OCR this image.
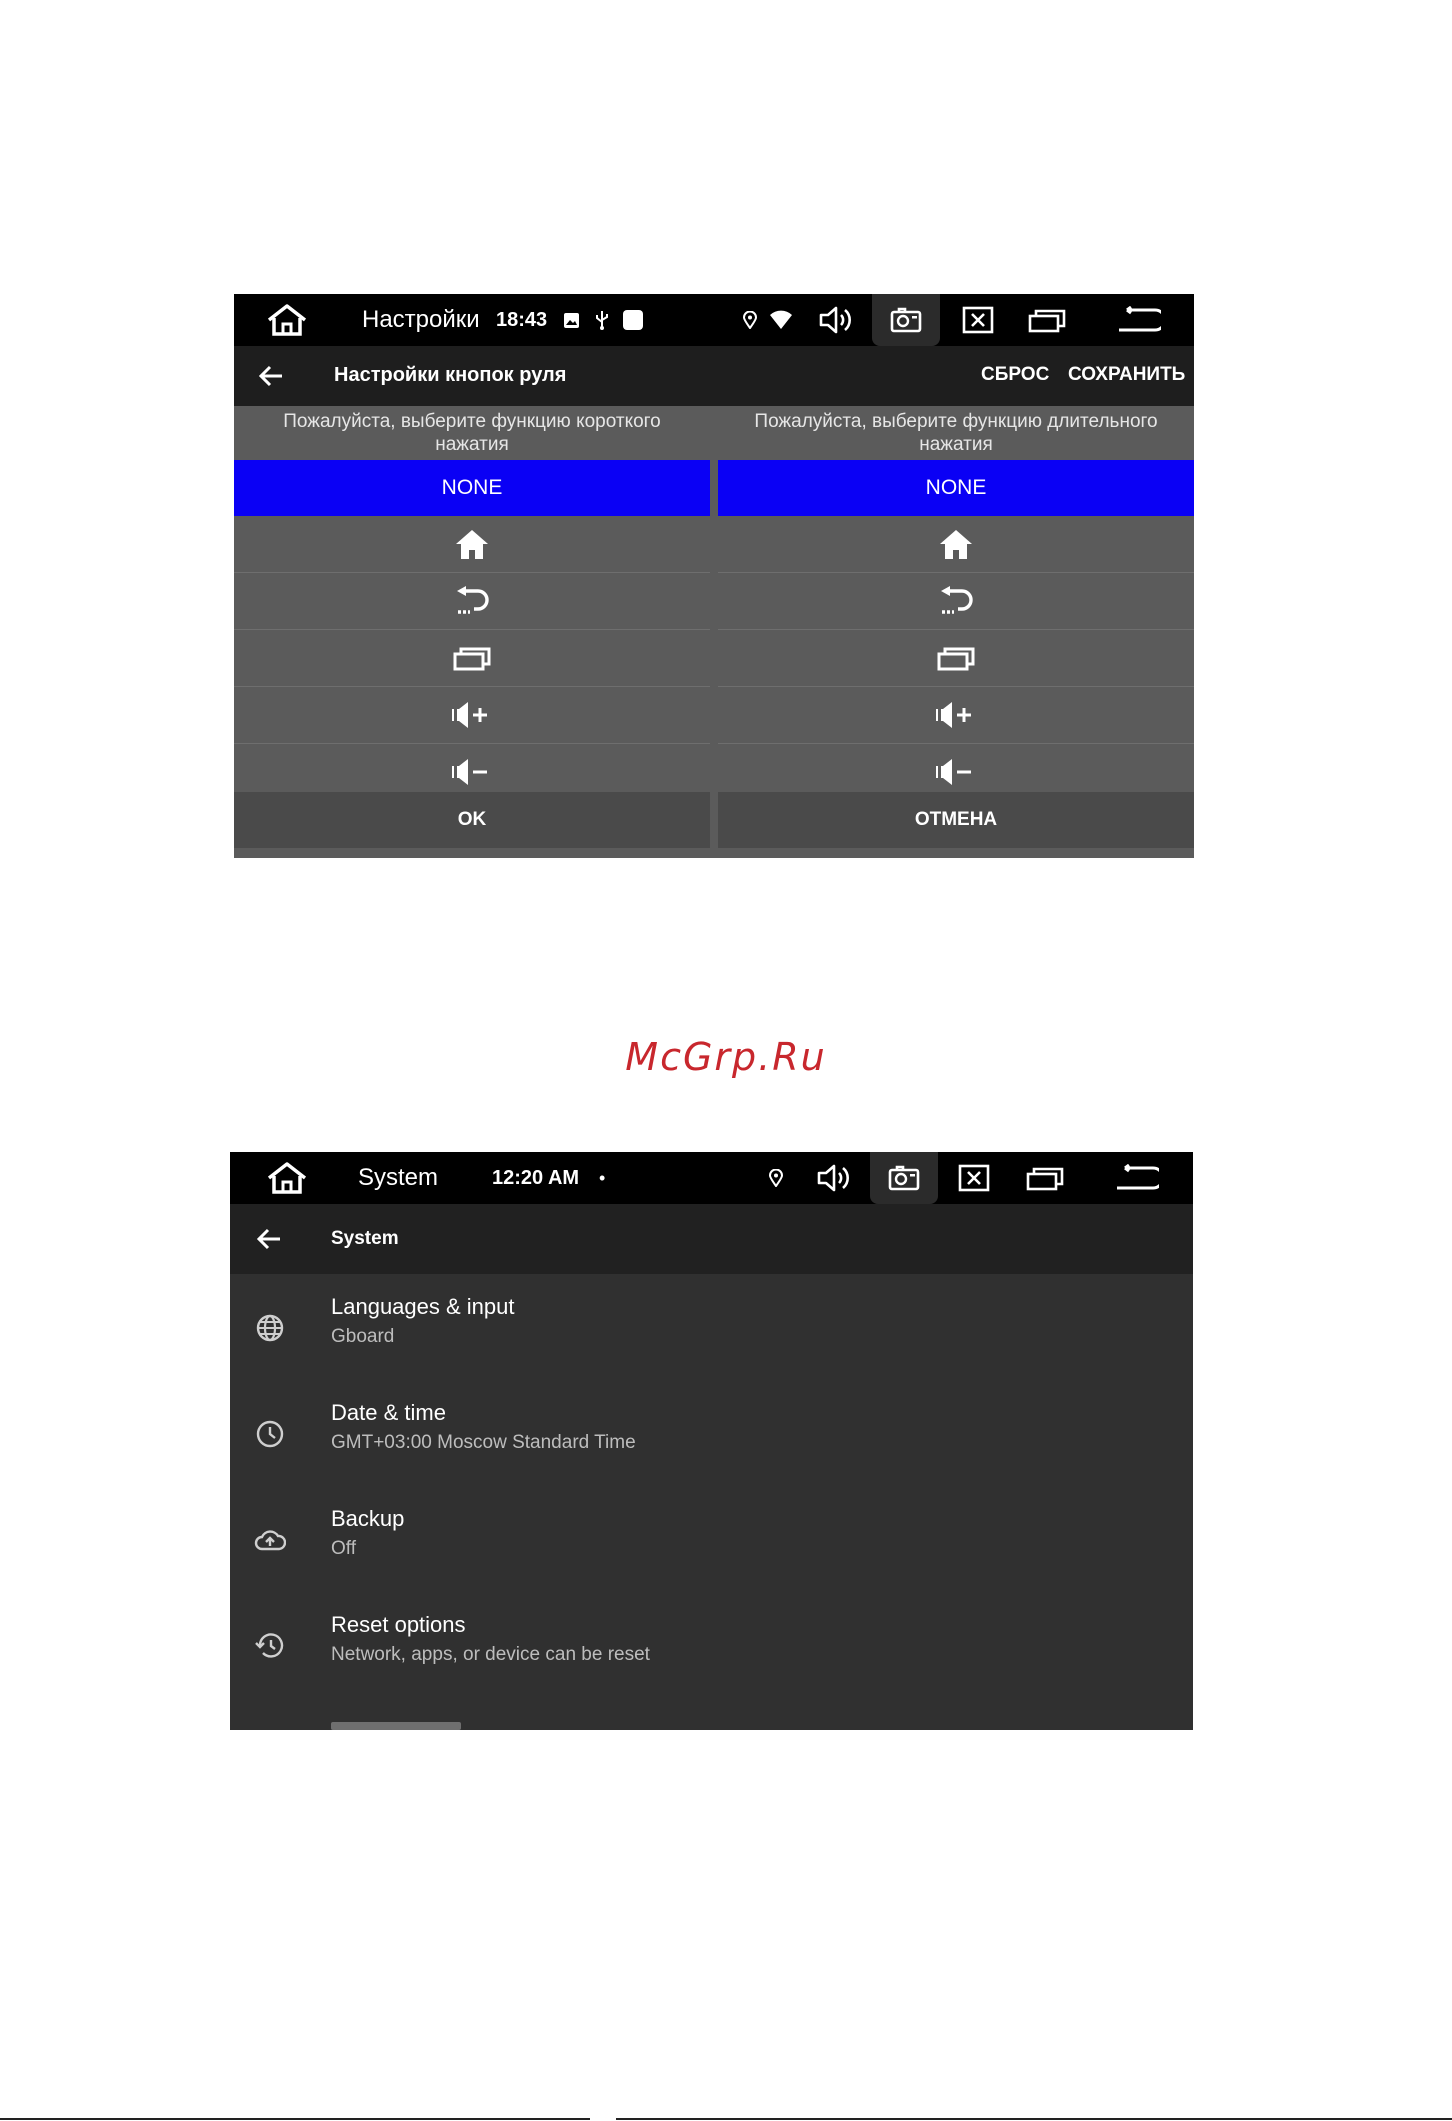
Настройки 18:43
Настройки кнопок руля	СБРОС СОХРАНИТЬ
Пожалуйста, выберите функцию короткого нажатия
NONE
OK
Пожалуйста, выберите функцию длительного нажатия
NONE
ОТМЕНА
McGrp.Ru
System	12:20 AM •
System
Languages & input
Gboard
Date & time
GMT+03:00 Moscow Standard Time
Backup
Off
Reset options
Network, apps, or device can be reset
